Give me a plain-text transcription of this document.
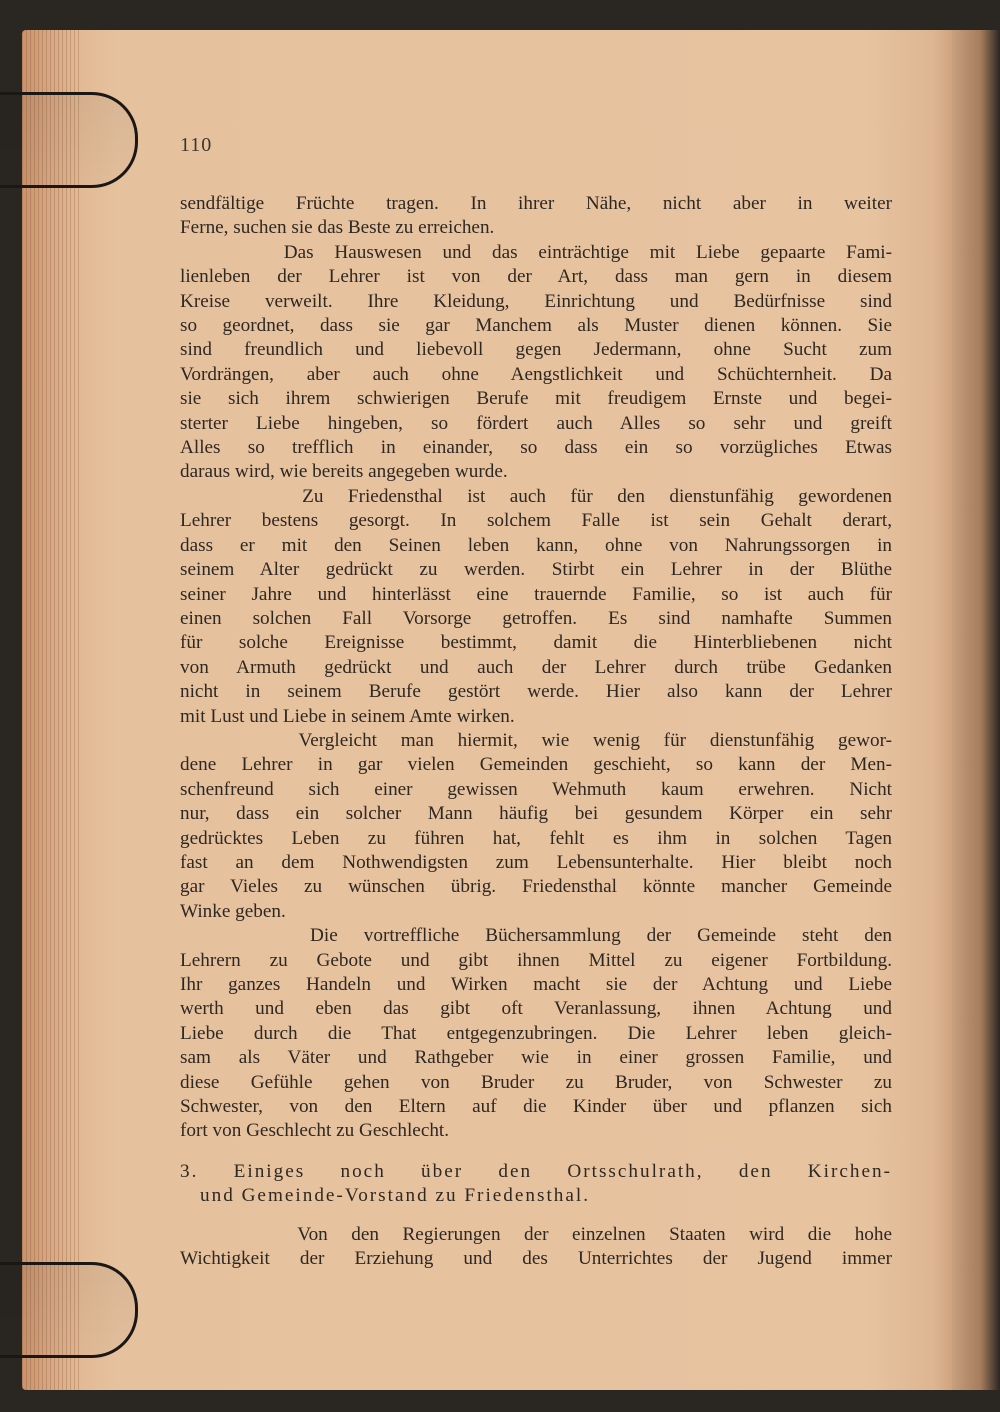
110
sendfältige Früchte tragen. In ihrer Nähe, nicht aber in weiter
Ferne, suchen sie das Beste zu erreichen.
Das Hauswesen und das einträchtige mit Liebe gepaarte Fami-
lienleben der Lehrer ist von der Art, dass man gern in diesem
Kreise verweilt. Ihre Kleidung, Einrichtung und Bedürfnisse sind
so geordnet, dass sie gar Manchem als Muster dienen können. Sie
sind freundlich und liebevoll gegen Jedermann, ohne Sucht zum
Vordrängen, aber auch ohne Aengstlichkeit und Schüchternheit. Da
sie sich ihrem schwierigen Berufe mit freudigem Ernste und begei-
sterter Liebe hingeben, so fördert auch Alles so sehr und greift
Alles so trefflich in einander, so dass ein so vorzügliches Etwas
daraus wird, wie bereits angegeben wurde.
Zu Friedensthal ist auch für den dienstunfähig gewordenen
Lehrer bestens gesorgt. In solchem Falle ist sein Gehalt derart,
dass er mit den Seinen leben kann, ohne von Nahrungssorgen in
seinem Alter gedrückt zu werden. Stirbt ein Lehrer in der Blüthe
seiner Jahre und hinterlässt eine trauernde Familie, so ist auch für
einen solchen Fall Vorsorge getroffen. Es sind namhafte Summen
für solche Ereignisse bestimmt, damit die Hinterbliebenen nicht
von Armuth gedrückt und auch der Lehrer durch trübe Gedanken
nicht in seinem Berufe gestört werde. Hier also kann der Lehrer
mit Lust und Liebe in seinem Amte wirken.
Vergleicht man hiermit, wie wenig für dienstunfähig gewor-
dene Lehrer in gar vielen Gemeinden geschieht, so kann der Men-
schenfreund sich einer gewissen Wehmuth kaum erwehren. Nicht
nur, dass ein solcher Mann häufig bei gesundem Körper ein sehr
gedrücktes Leben zu führen hat, fehlt es ihm in solchen Tagen
fast an dem Nothwendigsten zum Lebensunterhalte. Hier bleibt noch
gar Vieles zu wünschen übrig. Friedensthal könnte mancher Gemeinde
Winke geben.
Die vortreffliche Büchersammlung der Gemeinde steht den
Lehrern zu Gebote und gibt ihnen Mittel zu eigener Fortbildung.
Ihr ganzes Handeln und Wirken macht sie der Achtung und Liebe
werth und eben das gibt oft Veranlassung, ihnen Achtung und
Liebe durch die That entgegenzubringen. Die Lehrer leben gleich-
sam als Väter und Rathgeber wie in einer grossen Familie, und
diese Gefühle gehen von Bruder zu Bruder, von Schwester zu
Schwester, von den Eltern auf die Kinder über und pflanzen sich
fort von Geschlecht zu Geschlecht.
3. Einiges noch über den Ortsschulrath, den Kirchen-
und Gemeinde-Vorstand zu Friedensthal.
Von den Regierungen der einzelnen Staaten wird die hohe
Wichtigkeit der Erziehung und des Unterrichtes der Jugend immer
